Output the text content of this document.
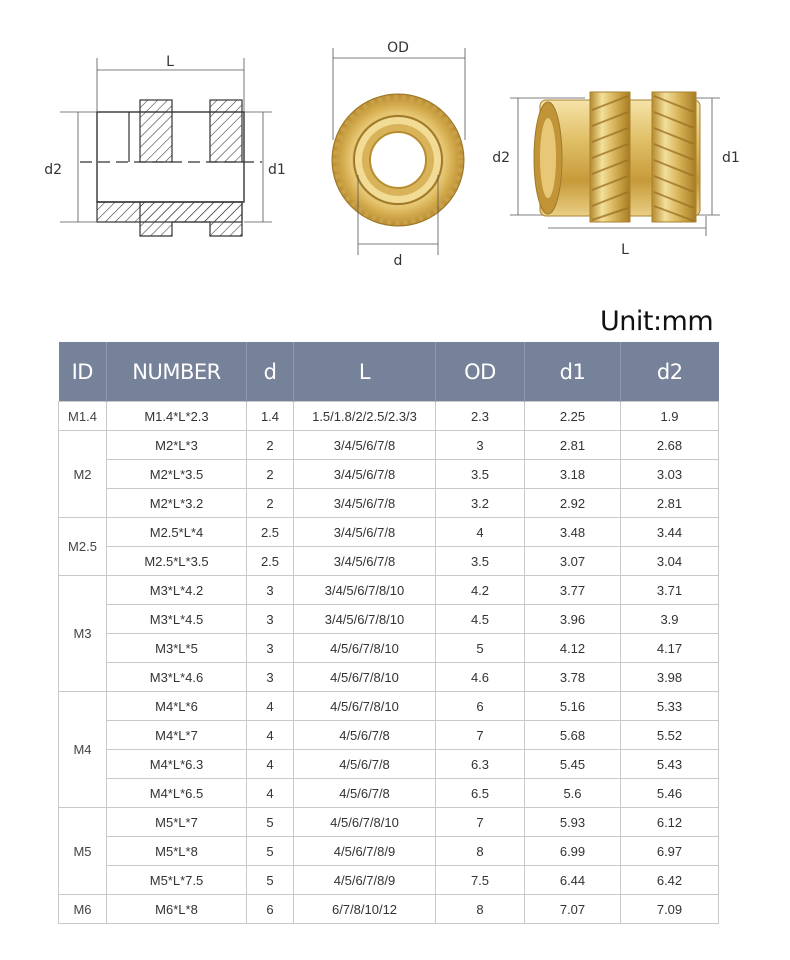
L
d2	d1
OD
d
d2	d1
L
Unit:mm
ID	NUMBER	d	L	OD	d1	d2
M1.4	M1.4*L*2.3	1.4	1.5/1.8/2/2.5/2.3/3	2.3	2.25	1.9
M2	M2*L*3	2	3/4/5/6/7/8	3	2.81	2.68
	M2*L*3.5	2	3/4/5/6/7/8	3.5	3.18	3.03
	M2*L*3.2	2	3/4/5/6/7/8	3.2	2.92	2.81
M2.5	M2.5*L*4	2.5	3/4/5/6/7/8	4	3.48	3.44
	M2.5*L*3.5	2.5	3/4/5/6/7/8	3.5	3.07	3.04
M3	M3*L*4.2	3	3/4/5/6/7/8/10	4.2	3.77	3.71
	M3*L*4.5	3	3/4/5/6/7/8/10	4.5	3.96	3.9
	M3*L*5	3	4/5/6/7/8/10	5	4.12	4.17
	M3*L*4.6	3	4/5/6/7/8/10	4.6	3.78	3.98
M4	M4*L*6	4	4/5/6/7/8/10	6	5.16	5.33
	M4*L*7	4	4/5/6/7/8	7	5.68	5.52
	M4*L*6.3	4	4/5/6/7/8	6.3	5.45	5.43
	M4*L*6.5	4	4/5/6/7/8	6.5	5.6	5.46
M5	M5*L*7	5	4/5/6/7/8/10	7	5.93	6.12
	M5*L*8	5	4/5/6/7/8/9	8	6.99	6.97
	M5*L*7.5	5	4/5/6/7/8/9	7.5	6.44	6.42
M6	M6*L*8	6	6/7/8/10/12	8	7.07	7.09
